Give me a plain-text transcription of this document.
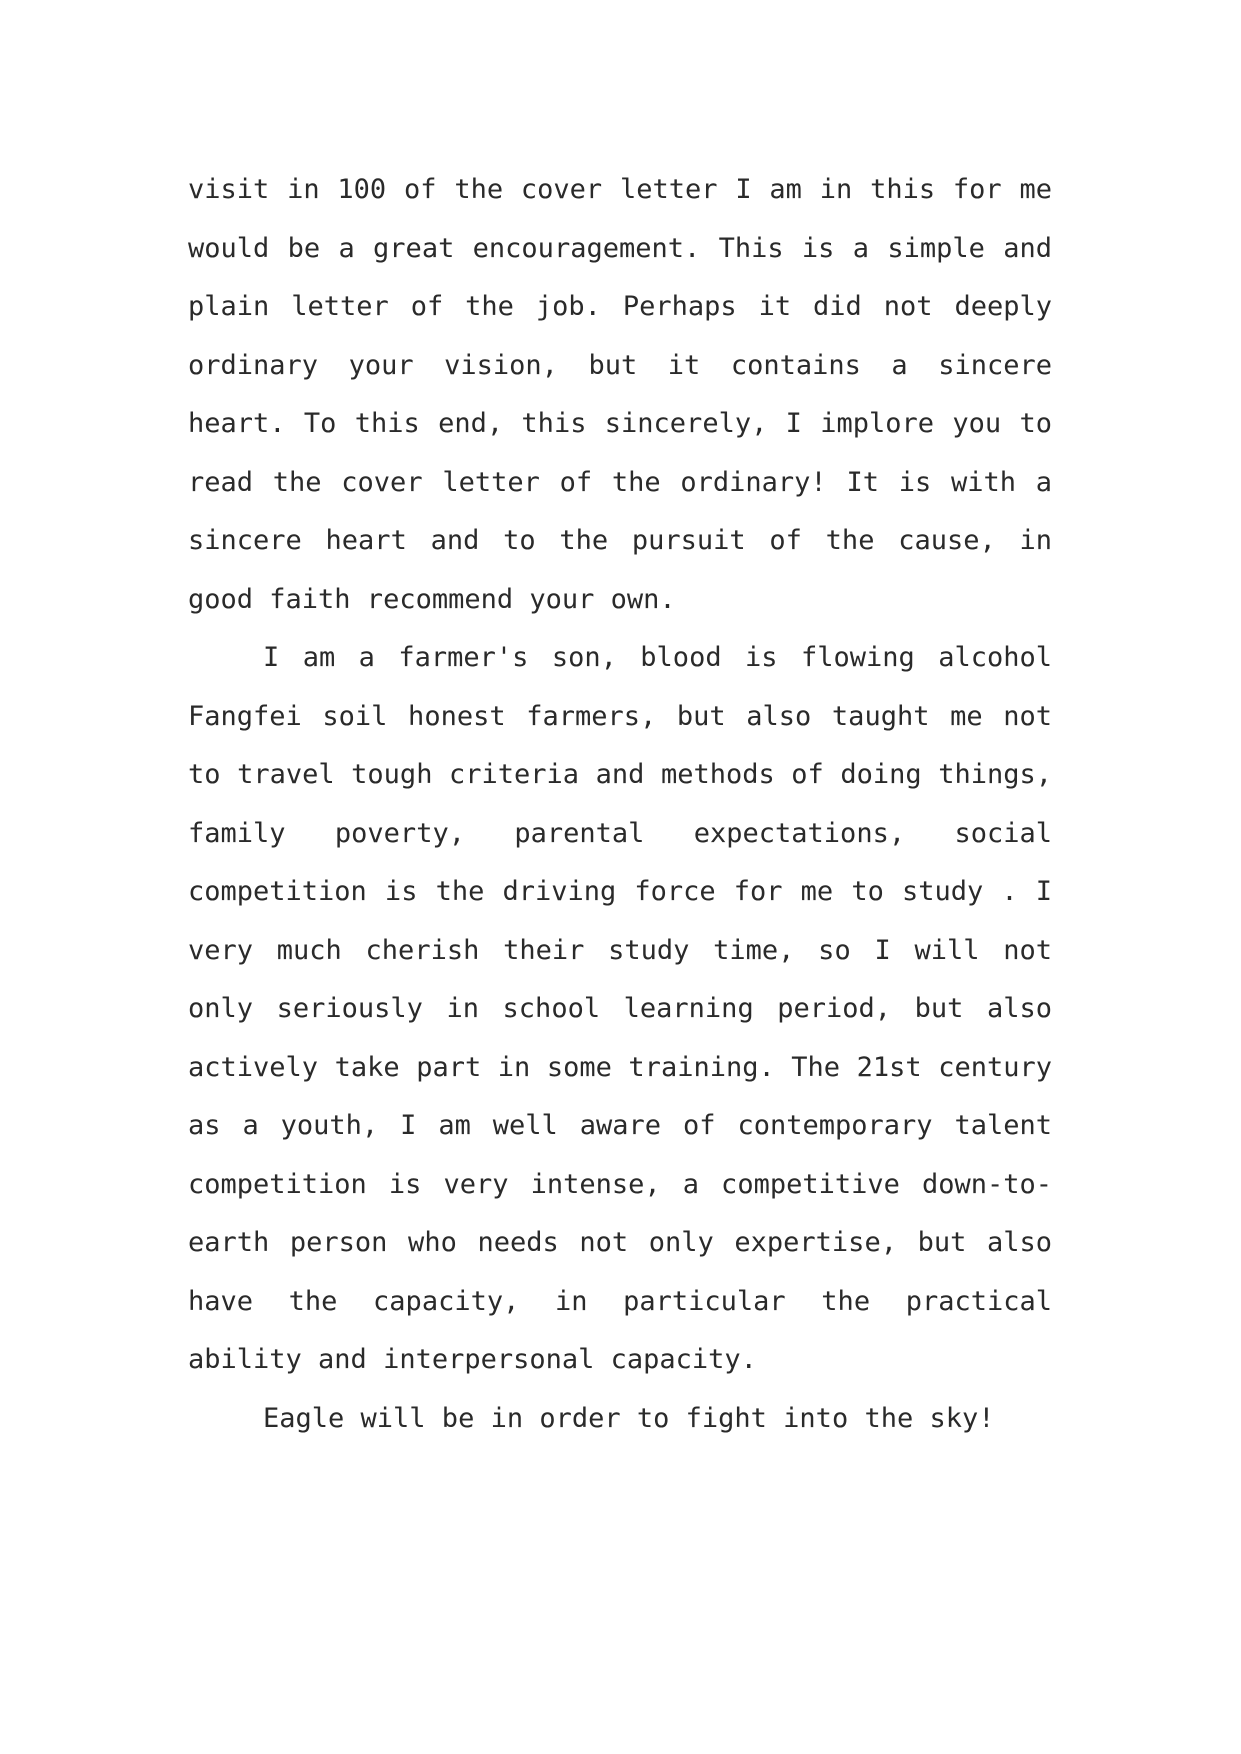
visit in 100 of the cover letter I am in this for me would be a great encouragement. This is a simple and plain letter of the job. Perhaps it did not deeply ordinary your vision, but it contains a sincere heart. To this end, this sincerely, I implore you to read the cover letter of the ordinary! It is with a sincere heart and to the pursuit of the cause, in good faith recommend your own.

I am a farmer's son, blood is flowing alcohol Fangfei soil honest farmers, but also taught me not to travel tough criteria and methods of doing things, family poverty, parental expectations, social competition is the driving force for me to study . I very much cherish their study time, so I will not only seriously in school learning period, but also actively take part in some training. The 21st century as a youth, I am well aware of contemporary talent competition is very intense, a competitive down-to-earth person who needs not only expertise, but also have the capacity, in particular the practical ability and interpersonal capacity.

Eagle will be in order to fight into the sky!
